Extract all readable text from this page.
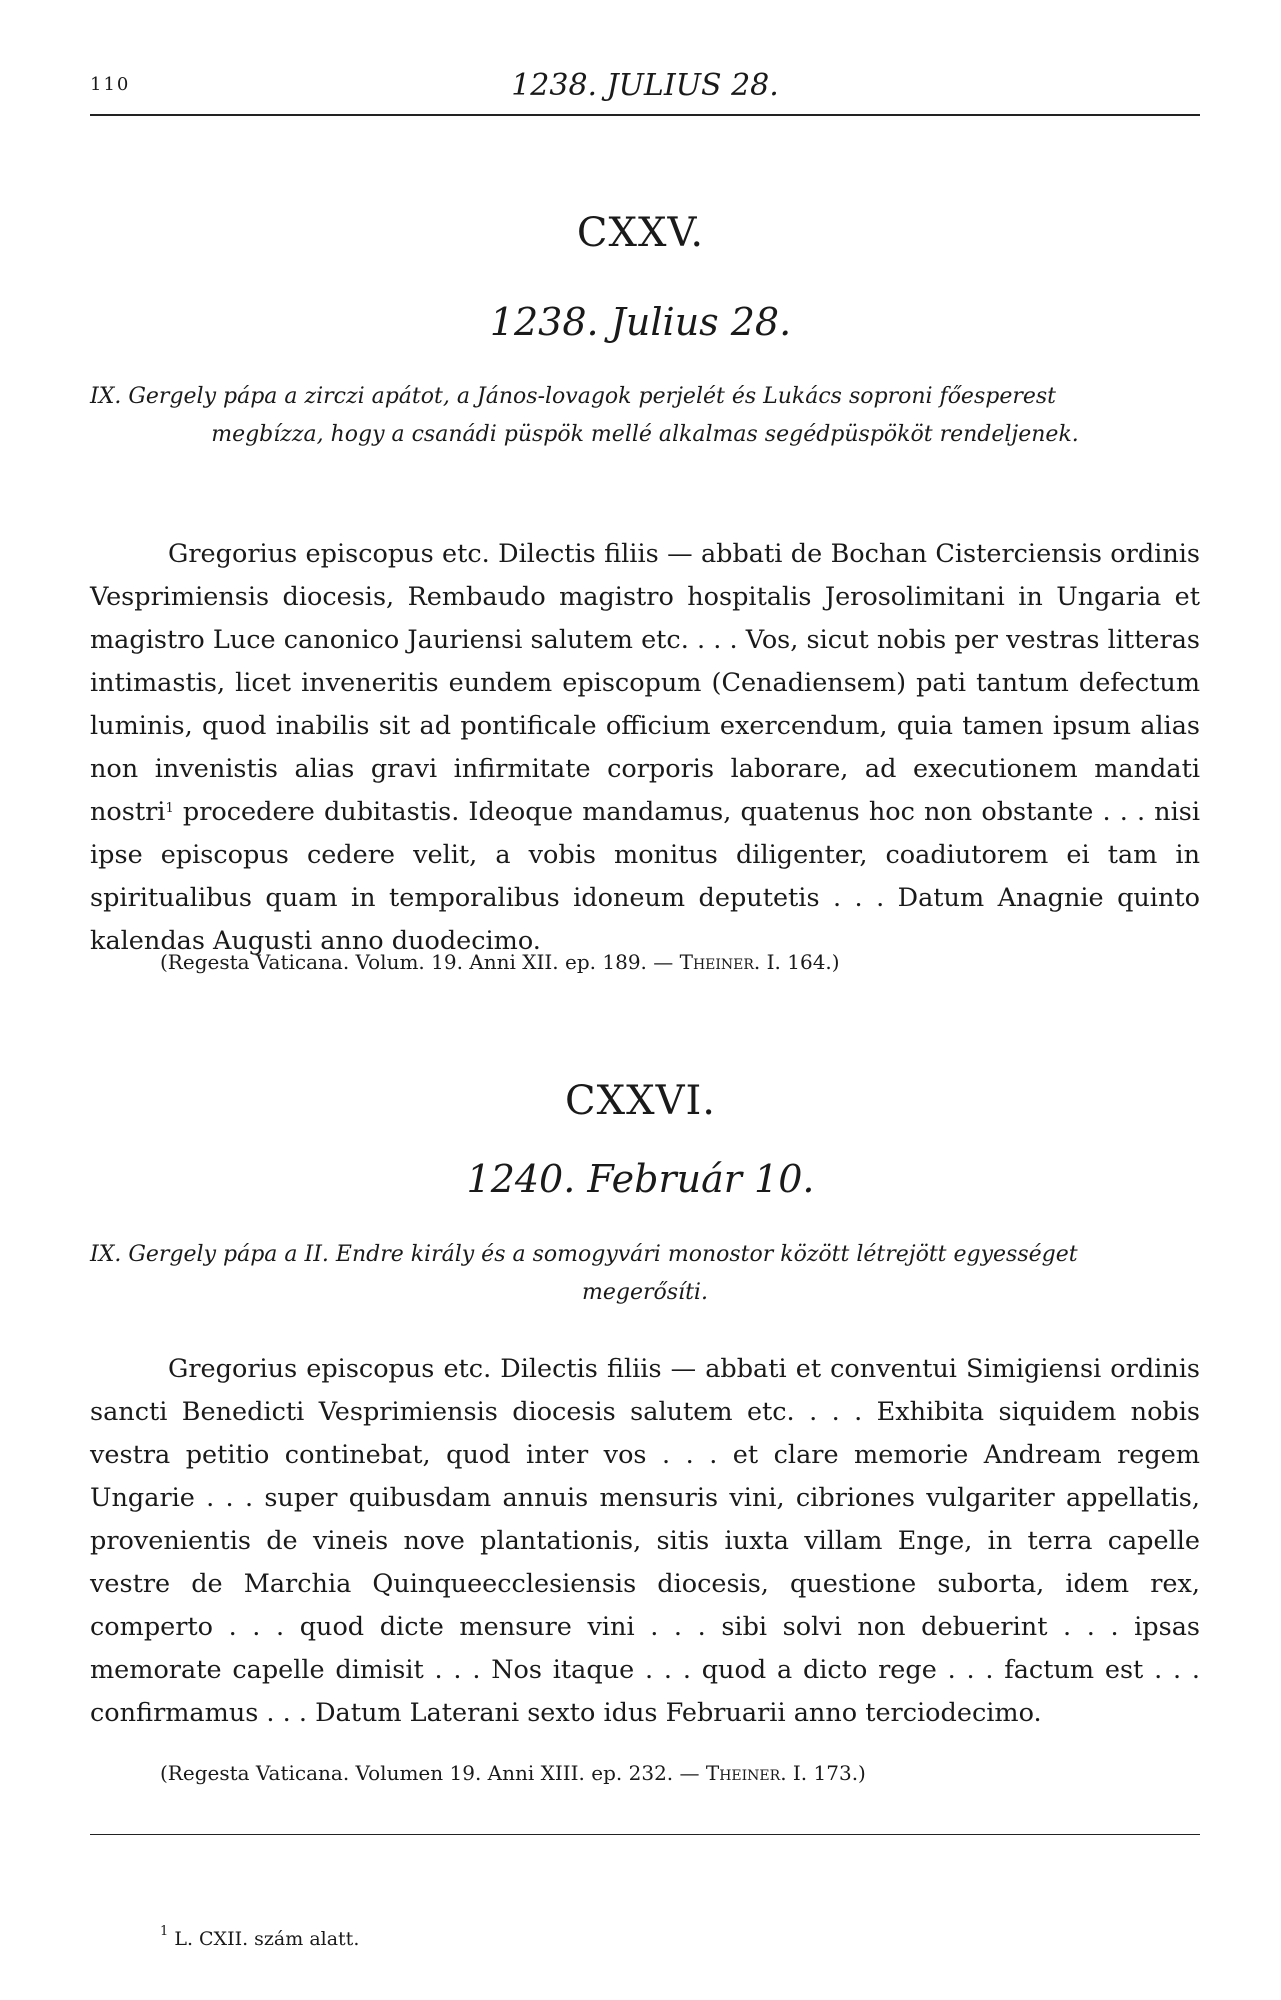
110	1238. JULIUS 28.
CXXV.
1238. Julius 28.
IX. Gergely pápa a zirczi apátot, a János-lovagok perjelét és Lukács soproni főesperest
megbízza, hogy a csanádi püspök mellé alkalmas segédpüspököt rendeljenek.

Gregorius episcopus etc. Dilectis filiis — abbati de Bochan Cisterciensis ordinis Vesprimiensis diocesis, Rembaudo magistro hospitalis Jerosolimitani in Ungaria et magistro Luce canonico Jauriensi salutem etc. . . . Vos, sicut nobis per vestras litteras intimastis, licet inveneritis eundem episcopum (Cenadiensem) pati tantum defectum luminis, quod inabilis sit ad pontificale officium exercendum, quia tamen ipsum alias non invenistis alias gravi infirmitate corporis laborare, ad executionem mandati nostri$^1$ procedere dubitastis. Ideoque mandamus, quatenus hoc non obstante . . . nisi ipse episcopus cedere velit, a vobis monitus diligenter, coadiutorem ei tam in spiritualibus quam in temporalibus idoneum deputetis . . . Datum Anagnie quinto kalendas Augusti anno duodecimo.

(Regesta Vaticana. Volum. 19. Anni XII. ep. 189. — Theiner. I. 164.)
CXXVI.
1240. Február 10.
IX. Gergely pápa a II. Endre király és a somogyvári monostor között létrejött egyességet
megerősíti.

Gregorius episcopus etc. Dilectis filiis — abbati et conventui Simigiensi ordinis sancti Benedicti Vesprimiensis diocesis salutem etc. . . . Exhibita siquidem nobis vestra petitio continebat, quod inter vos . . . et clare memorie Andream regem Ungarie . . . super quibusdam annuis mensuris vini, cibriones vulgariter appellatis, provenientis de vineis nove plantationis, sitis iuxta villam Enge, in terra capelle vestre de Marchia Quinqueecclesiensis diocesis, questione suborta, idem rex, comperto . . . quod dicte mensure vini . . . sibi solvi non debuerint . . . ipsas memorate capelle dimisit . . . Nos itaque . . . quod a dicto rege . . . factum est . . . confirmamus . . . Datum Laterani sexto idus Februarii anno terciodecimo.

(Regesta Vaticana. Volumen 19. Anni XIII. ep. 232. — Theiner. I. 173.)
$^1$ L. CXII. szám alatt.
